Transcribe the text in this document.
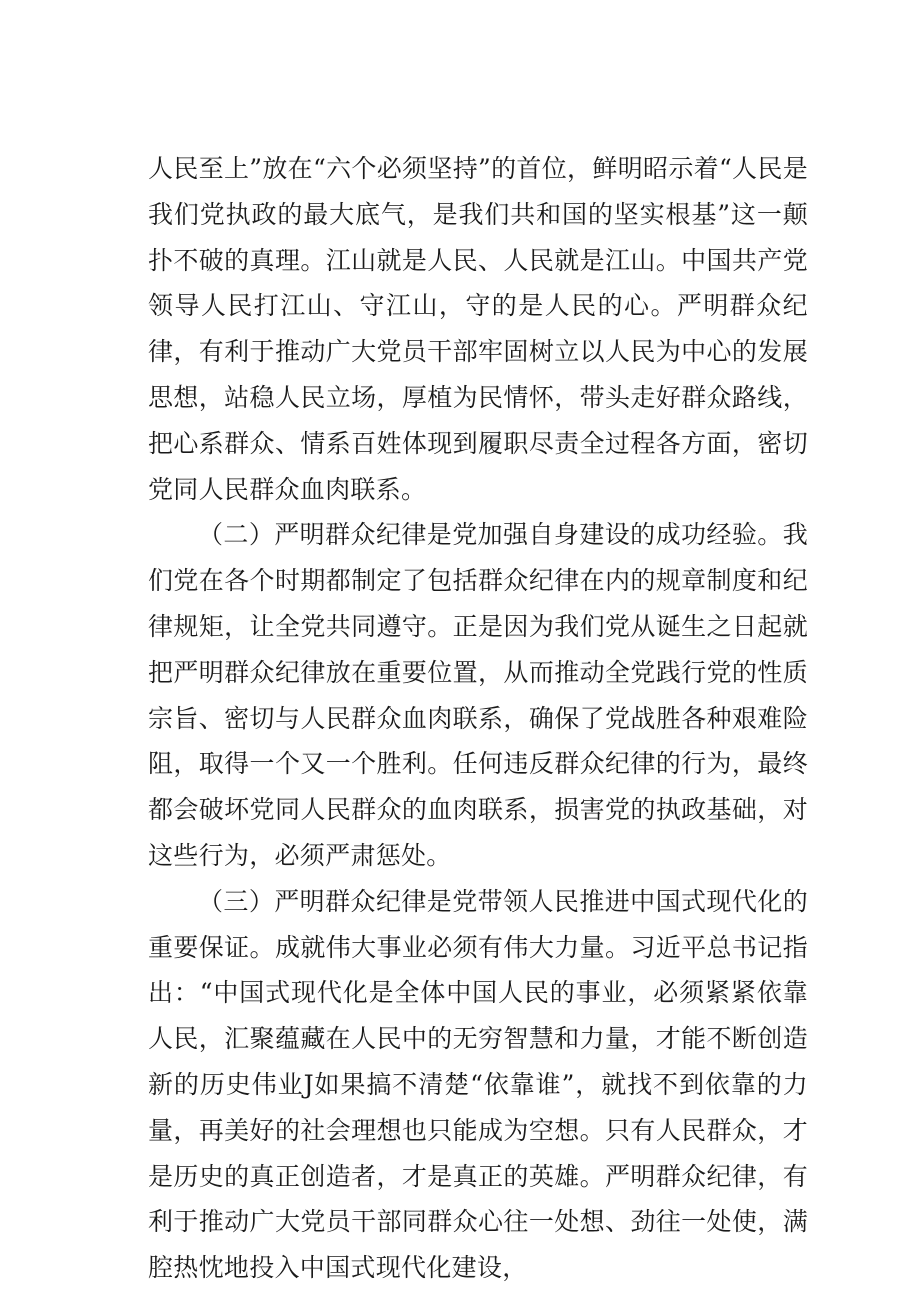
人民至上”放在“六个必须坚持”的首位，鲜明昭示着“人民是我们党执政的最大底气，是我们共和国的坚实根基”这一颠扑不破的真理。江山就是人民、人民就是江山。中国共产党领导人民打江山、守江山，守的是人民的心。严明群众纪律，有利于推动广大党员干部牢固树立以人民为中心的发展思想，站稳人民立场，厚植为民情怀，带头走好群众路线，把心系群众、情系百姓体现到履职尽责全过程各方面，密切党同人民群众血肉联系。

（二）严明群众纪律是党加强自身建设的成功经验。我们党在各个时期都制定了包括群众纪律在内的规章制度和纪律规矩，让全党共同遵守。正是因为我们党从诞生之日起就把严明群众纪律放在重要位置，从而推动全党践行党的性质宗旨、密切与人民群众血肉联系，确保了党战胜各种艰难险阻，取得一个又一个胜利。任何违反群众纪律的行为，最终都会破坏党同人民群众的血肉联系，损害党的执政基础，对这些行为，必须严肃惩处。

（三）严明群众纪律是党带领人民推进中国式现代化的重要保证。成就伟大事业必须有伟大力量。习近平总书记指出：“中国式现代化是全体中国人民的事业，必须紧紧依靠人民，汇聚蕴藏在人民中的无穷智慧和力量，才能不断创造新的历史伟业J如果搞不清楚“依靠谁”，就找不到依靠的力量，再美好的社会理想也只能成为空想。只有人民群众，才是历史的真正创造者，才是真正的英雄。严明群众纪律，有利于推动广大党员干部同群众心往一处想、劲往一处使，满腔热忱地投入中国式现代化建设，
